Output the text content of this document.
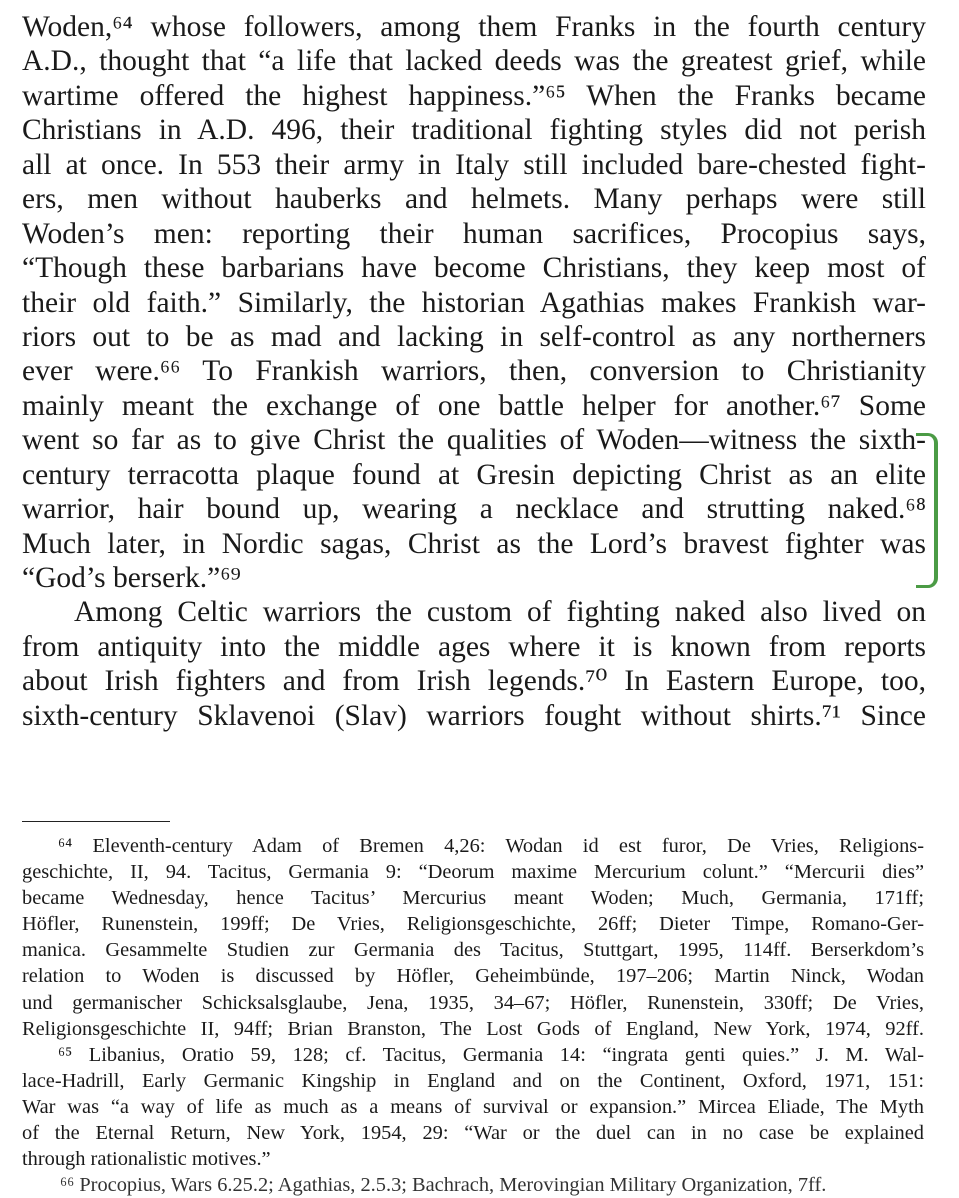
Woden,⁶⁴ whose followers, among them Franks in the fourth century
A.D., thought that “a life that lacked deeds was the greatest grief, while
wartime offered the highest happiness.”⁶⁵ When the Franks became
Christians in A.D. 496, their traditional fighting styles did not perish
all at once. In 553 their army in Italy still included bare-chested fight-
ers, men without hauberks and helmets. Many perhaps were still
Woden’s men: reporting their human sacrifices, Procopius says,
“Though these barbarians have become Christians, they keep most of
their old faith.” Similarly, the historian Agathias makes Frankish war-
riors out to be as mad and lacking in self-control as any northerners
ever were.⁶⁶ To Frankish warriors, then, conversion to Christianity
mainly meant the exchange of one battle helper for another.⁶⁷ Some
went so far as to give Christ the qualities of Woden—witness the sixth-
century terracotta plaque found at Gresin depicting Christ as an elite
warrior, hair bound up, wearing a necklace and strutting naked.⁶⁸
Much later, in Nordic sagas, Christ as the Lord’s bravest fighter was
“God’s berserk.”⁶⁹
Among Celtic warriors the custom of fighting naked also lived on
from antiquity into the middle ages where it is known from reports
about Irish fighters and from Irish legends.⁷⁰ In Eastern Europe, too,
sixth-century Sklavenoi (Slav) warriors fought without shirts.⁷¹ Since
⁶⁴ Eleventh-century Adam of Bremen 4,26: Wodan id est furor, De Vries, Religions-
geschichte, II, 94. Tacitus, Germania 9: “Deorum maxime Mercurium colunt.” “Mercurii dies”
became Wednesday, hence Tacitus’ Mercurius meant Woden; Much, Germania, 171ff;
Höfler, Runenstein, 199ff; De Vries, Religionsgeschichte, 26ff; Dieter Timpe, Romano-Ger-
manica. Gesammelte Studien zur Germania des Tacitus, Stuttgart, 1995, 114ff. Berserkdom’s
relation to Woden is discussed by Höfler, Geheimbünde, 197–206; Martin Ninck, Wodan
und germanischer Schicksalsglaube, Jena, 1935, 34–67; Höfler, Runenstein, 330ff; De Vries,
Religionsgeschichte II, 94ff; Brian Branston, The Lost Gods of England, New York, 1974, 92ff.
⁶⁵ Libanius, Oratio 59, 128; cf. Tacitus, Germania 14: “ingrata genti quies.” J. M. Wal-
lace-Hadrill, Early Germanic Kingship in England and on the Continent, Oxford, 1971, 151:
War was “a way of life as much as a means of survival or expansion.” Mircea Eliade, The Myth
of the Eternal Return, New York, 1954, 29: “War or the duel can in no case be explained
through rationalistic motives.”
⁶⁶ Procopius, Wars 6.25.2; Agathias, 2.5.3; Bachrach, Merovingian Military Organization, 7ff.
